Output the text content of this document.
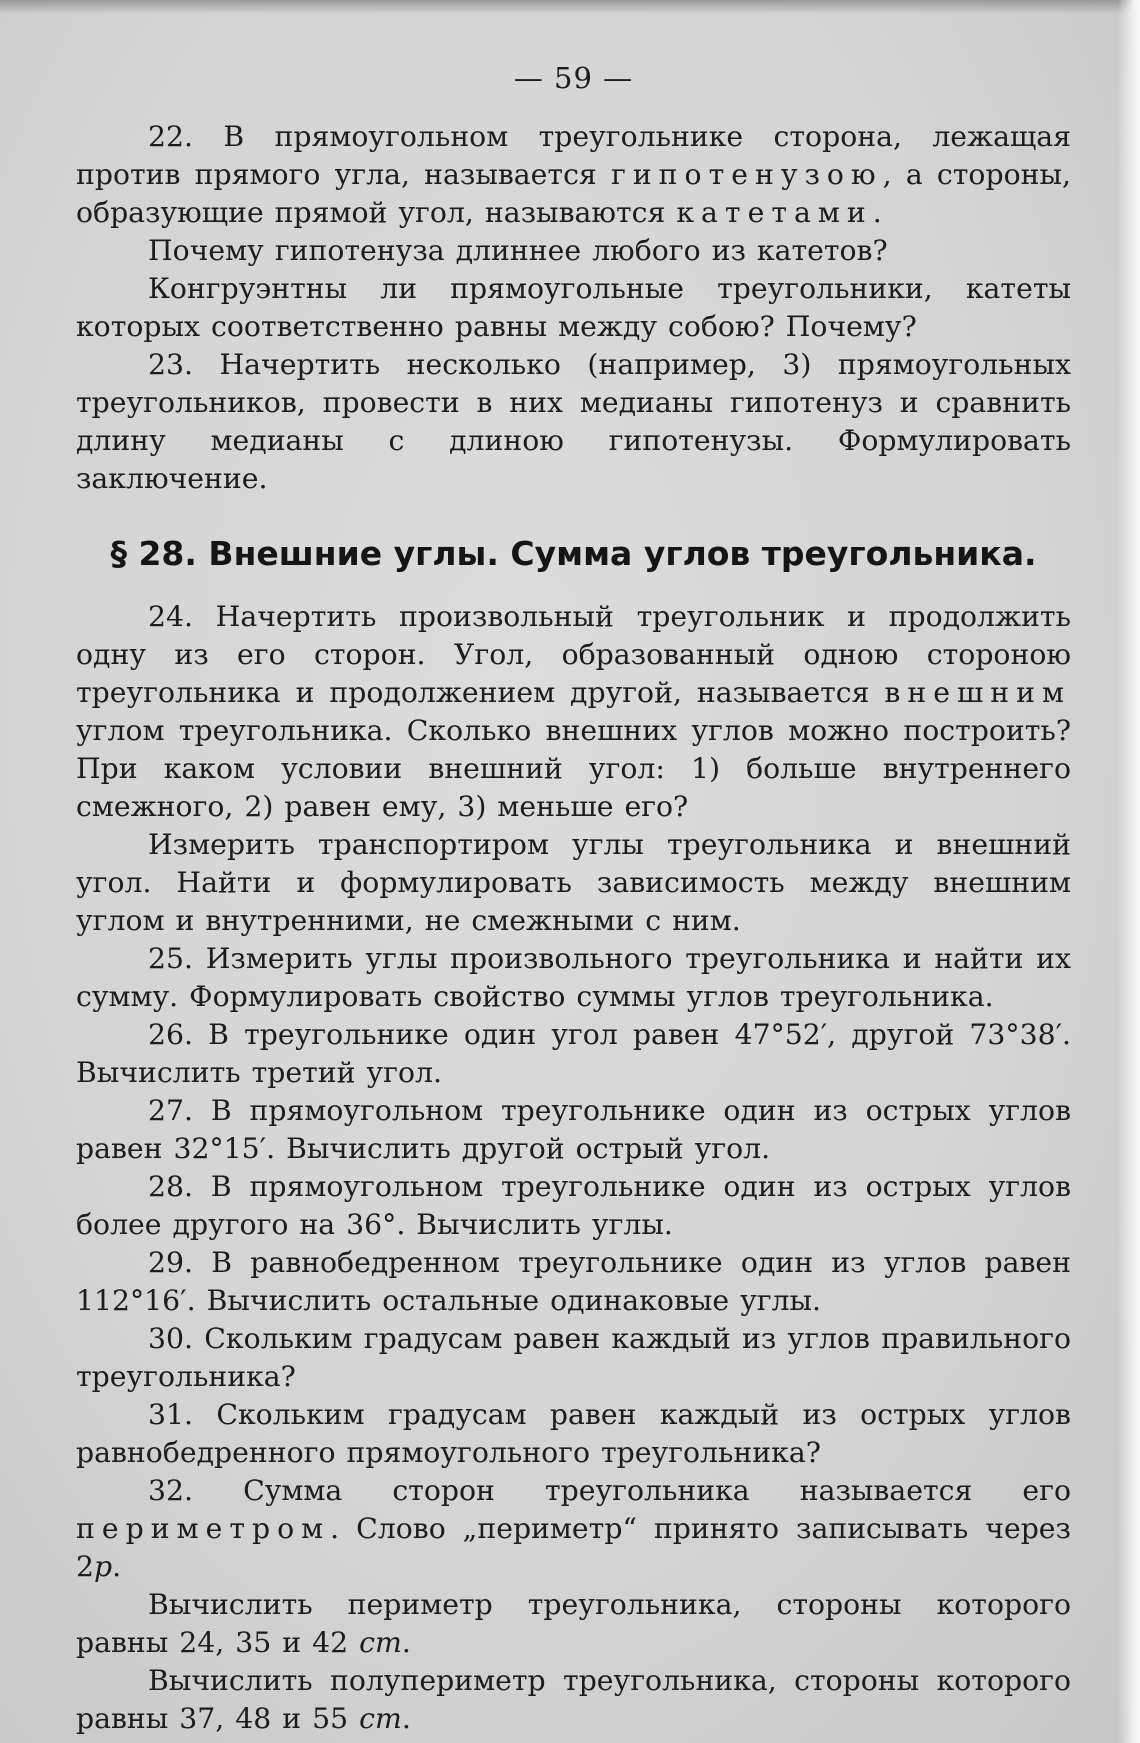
— 59 —

22. В прямоугольном треугольнике сторона, лежащая против прямого угла, называется гипотенузою, а стороны, образующие прямой угол, называются катетами.

Почему гипотенуза длиннее любого из катетов?

Конгруэнтны ли прямоугольные треугольники, катеты которых соответственно равны между собою? Почему?

23. Начертить несколько (например, 3) прямоугольных треугольников, провести в них медианы гипотенуз и сравнить длину медианы с длиною гипотенузы. Формулировать заключение.

§ 28. Внешние углы. Сумма углов треугольника.

24. Начертить произвольный треугольник и продолжить одну из его сторон. Угол, образованный одною стороною треугольника и продолжением другой, называется внешним углом треугольника. Сколько внешних углов можно построить? При каком условии внешний угол: 1) больше внутреннего смежного, 2) равен ему, 3) меньше его?

Измерить транспортиром углы треугольника и внешний угол. Найти и формулировать зависимость между внешним углом и внутренними, не смежными с ним.

25. Измерить углы произвольного треугольника и найти их сумму. Формулировать свойство суммы углов треугольника.

26. В треугольнике один угол равен 47°52′, другой 73°38′. Вычислить третий угол.

27. В прямоугольном треугольнике один из острых углов равен 32°15′. Вычислить другой острый угол.

28. В прямоугольном треугольнике один из острых углов более другого на 36°. Вычислить углы.

29. В равнобедренном треугольнике один из углов равен 112°16′. Вычислить остальные одинаковые углы.

30. Скольким градусам равен каждый из углов правильного треугольника?

31. Скольким градусам равен каждый из острых углов равнобедренного прямоугольного треугольника?

32. Сумма сторон треугольника называется его периметром. Слово „периметр“ принято записывать через 2p.

Вычислить периметр треугольника, стороны которого равны 24, 35 и 42 cm.

Вычислить полупериметр треугольника, стороны которого равны 37, 48 и 55 cm.
